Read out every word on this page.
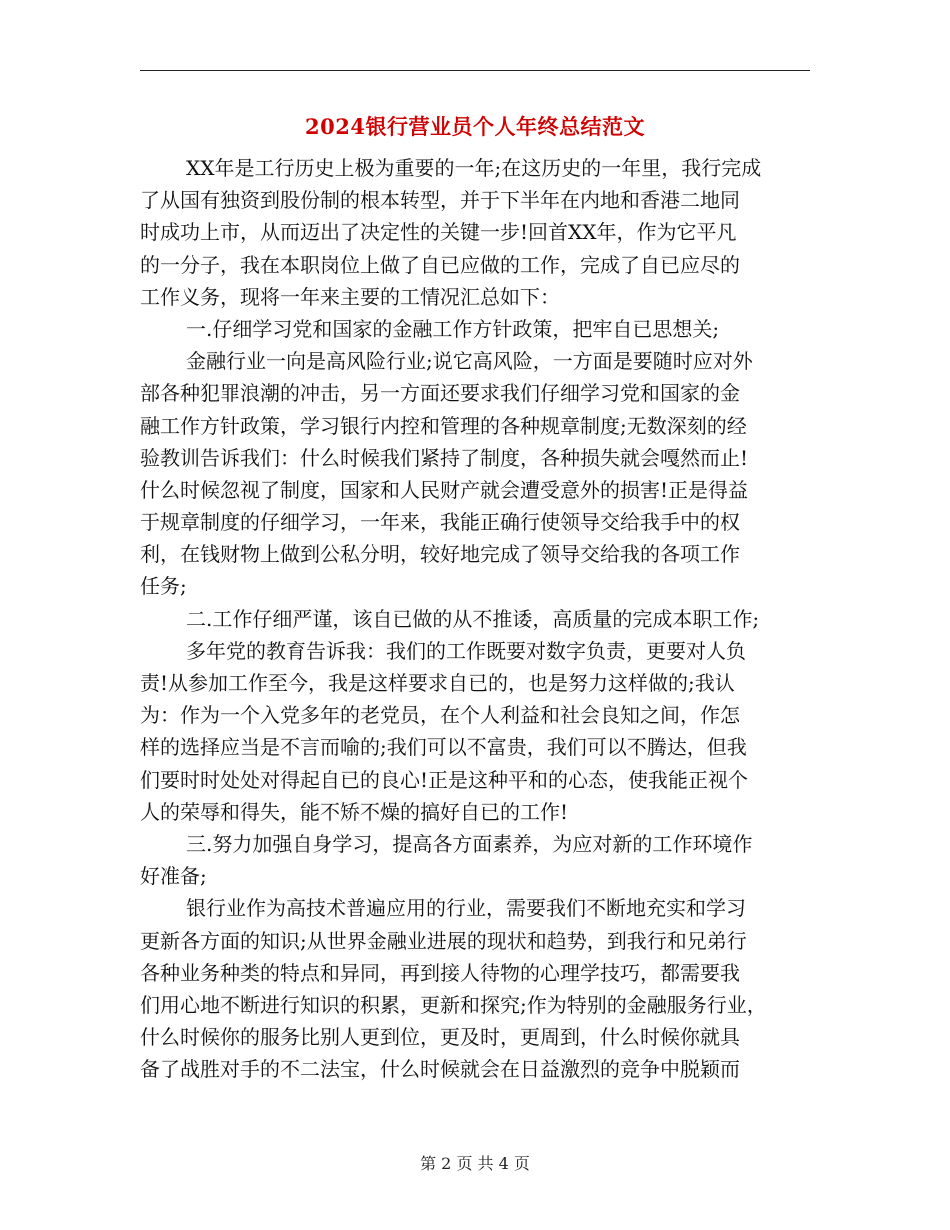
2024银行营业员个人年终总结范文
XX年是工行历史上极为重要的一年;在这历史的一年里，我行完成
了从国有独资到股份制的根本转型，并于下半年在内地和香港二地同
时成功上市，从而迈出了决定性的关键一步!回首XX年，作为它平凡
的一分子，我在本职岗位上做了自已应做的工作，完成了自已应尽的
工作义务，现将一年来主要的工情况汇总如下：
一.仔细学习党和国家的金融工作方针政策，把牢自已思想关;
金融行业一向是高风险行业;说它高风险，一方面是要随时应对外
部各种犯罪浪潮的冲击，另一方面还要求我们仔细学习党和国家的金
融工作方针政策，学习银行内控和管理的各种规章制度;无数深刻的经
验教训告诉我们：什么时候我们紧持了制度，各种损失就会嘎然而止!
什么时候忽视了制度，国家和人民财产就会遭受意外的损害!正是得益
于规章制度的仔细学习，一年来，我能正确行使领导交给我手中的权
利，在钱财物上做到公私分明，较好地完成了领导交给我的各项工作
任务;
二.工作仔细严谨，该自已做的从不推诿，高质量的完成本职工作;
多年党的教育告诉我：我们的工作既要对数字负责，更要对人负
责!从参加工作至今，我是这样要求自已的，也是努力这样做的;我认
为：作为一个入党多年的老党员，在个人利益和社会良知之间，作怎
样的选择应当是不言而喻的;我们可以不富贵，我们可以不腾达，但我
们要时时处处对得起自已的良心!正是这种平和的心态，使我能正视个
人的荣辱和得失，能不矫不燥的搞好自已的工作!
三.努力加强自身学习，提高各方面素养，为应对新的工作环境作
好准备;
银行业作为高技术普遍应用的行业，需要我们不断地充实和学习
更新各方面的知识;从世界金融业进展的现状和趋势，到我行和兄弟行
各种业务种类的特点和异同，再到接人待物的心理学技巧，都需要我
们用心地不断进行知识的积累，更新和探究;作为特别的金融服务行业，
什么时候你的服务比别人更到位，更及时，更周到，什么时候你就具
备了战胜对手的不二法宝，什么时候就会在日益激烈的竞争中脱颖而
第 2 页 共 4 页
